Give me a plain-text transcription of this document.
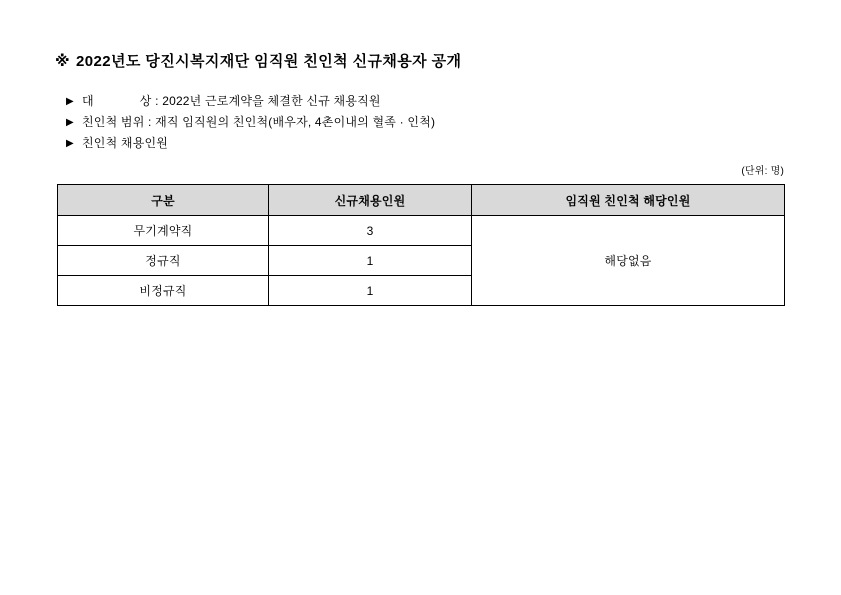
※ 2022년도 당진시복지재단 임직원 친인척 신규채용자 공개
▶ 대	상 : 2022년 근로계약을 체결한 신규 채용직원
▶ 친인척 범위 : 재직 임직원의 친인척(배우자, 4촌이내의 혈족 · 인척)
▶ 친인척 채용인원
(단위: 명)
구분	신규채용인원	임직원 친인척 해당인원
무기계약직	3	해당없음
정규직	1	
비정규직	1	
